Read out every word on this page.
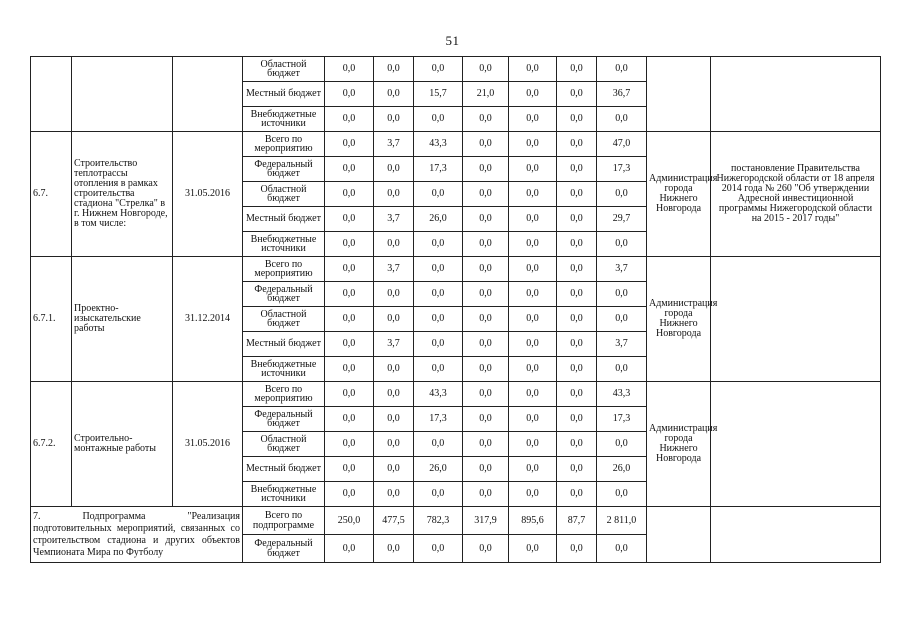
51
			Областной бюджет	0,0	0,0	0,0	0,0	0,0	0,0	0,0		
			Местный бюджет	0,0	0,0	15,7	21,0	0,0	0,0	36,7		
			Внебюджетные источники	0,0	0,0	0,0	0,0	0,0	0,0	0,0		
6.7.	Строительство теплотрассы отопления в рамках строительства стадиона "Стрелка" в г. Нижнем Новгороде, в том числе:	31.05.2016	Всего по мероприятию	0,0	3,7	43,3	0,0	0,0	0,0	47,0	Администрация города Нижнего Новгорода	постановление Правительства Нижегородской области от 18 апреля 2014 года № 260 "Об утверждении Адресной инвестиционной программы Нижегородской области на 2015 - 2017 годы"
			Федеральный бюджет	0,0	0,0	17,3	0,0	0,0	0,0	17,3		
			Областной бюджет	0,0	0,0	0,0	0,0	0,0	0,0	0,0		
			Местный бюджет	0,0	3,7	26,0	0,0	0,0	0,0	29,7		
			Внебюджетные источники	0,0	0,0	0,0	0,0	0,0	0,0	0,0		
6.7.1.	Проектно-изыскательские работы	31.12.2014	Всего по мероприятию	0,0	3,7	0,0	0,0	0,0	0,0	3,7	Администрация города Нижнего Новгорода	
			Федеральный бюджет	0,0	0,0	0,0	0,0	0,0	0,0	0,0		
			Областной бюджет	0,0	0,0	0,0	0,0	0,0	0,0	0,0		
			Местный бюджет	0,0	3,7	0,0	0,0	0,0	0,0	3,7		
			Внебюджетные источники	0,0	0,0	0,0	0,0	0,0	0,0	0,0		
6.7.2.	Строительно-монтажные работы	31.05.2016	Всего по мероприятию	0,0	0,0	43,3	0,0	0,0	0,0	43,3	Администрация города Нижнего Новгорода	
			Федеральный бюджет	0,0	0,0	17,3	0,0	0,0	0,0	17,3		
			Областной бюджет	0,0	0,0	0,0	0,0	0,0	0,0	0,0		
			Местный бюджет	0,0	0,0	26,0	0,0	0,0	0,0	26,0		
			Внебюджетные источники	0,0	0,0	0,0	0,0	0,0	0,0	0,0		
7. Подпрограмма "Реализация подготовительных мероприятий, связанных со строительством стадиона и других объектов Чемпионата Мира по Футболу			Всего по подпрограмме	250,0	477,5	782,3	317,9	895,6	87,7	2 811,0		
			Федеральный бюджет	0,0	0,0	0,0	0,0	0,0	0,0	0,0		
